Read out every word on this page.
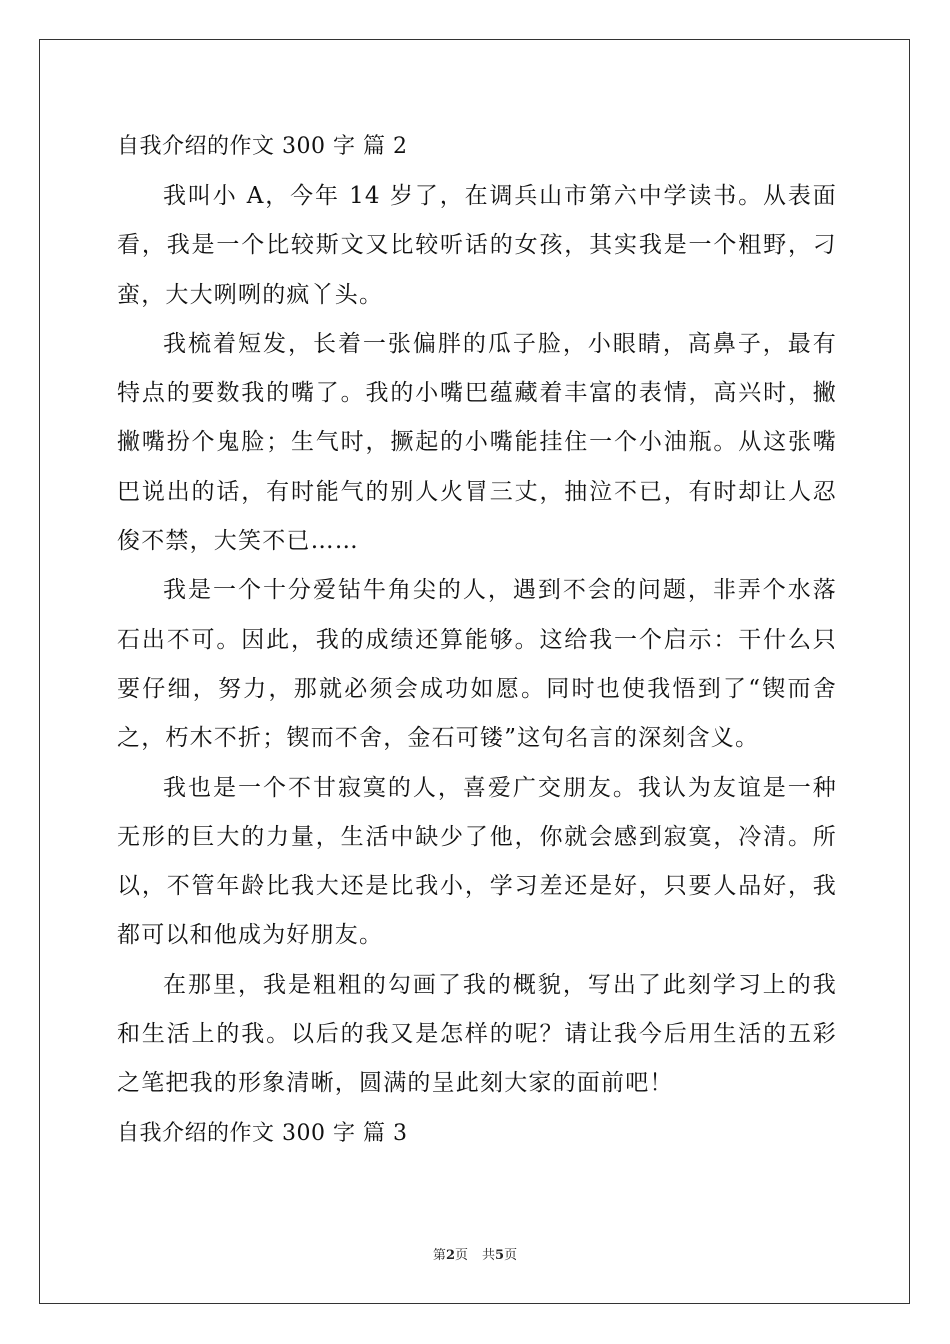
自我介绍的作文 300 字 篇 2

我叫小 A，今年 14 岁了，在调兵山市第六中学读书。从表面看，我是一个比较斯文又比较听话的女孩，其实我是一个粗野，刁蛮，大大咧咧的疯丫头。

我梳着短发，长着一张偏胖的瓜子脸，小眼睛，高鼻子，最有特点的要数我的嘴了。我的小嘴巴蕴藏着丰富的表情，高兴时，撇撇嘴扮个鬼脸；生气时，撅起的小嘴能挂住一个小油瓶。从这张嘴巴说出的话，有时能气的别人火冒三丈，抽泣不已，有时却让人忍俊不禁，大笑不已……

我是一个十分爱钻牛角尖的人，遇到不会的问题，非弄个水落石出不可。因此，我的成绩还算能够。这给我一个启示：干什么只要仔细，努力，那就必须会成功如愿。同时也使我悟到了“锲而舍之，朽木不折；锲而不舍，金石可镂”这句名言的深刻含义。

我也是一个不甘寂寞的人，喜爱广交朋友。我认为友谊是一种无形的巨大的力量，生活中缺少了他，你就会感到寂寞，冷清。所以，不管年龄比我大还是比我小，学习差还是好，只要人品好，我都可以和他成为好朋友。

在那里，我是粗粗的勾画了我的概貌，写出了此刻学习上的我和生活上的我。以后的我又是怎样的呢？请让我今后用生活的五彩之笔把我的形象清晰，圆满的呈此刻大家的面前吧！

自我介绍的作文 300 字 篇 3
第2页 共5页
